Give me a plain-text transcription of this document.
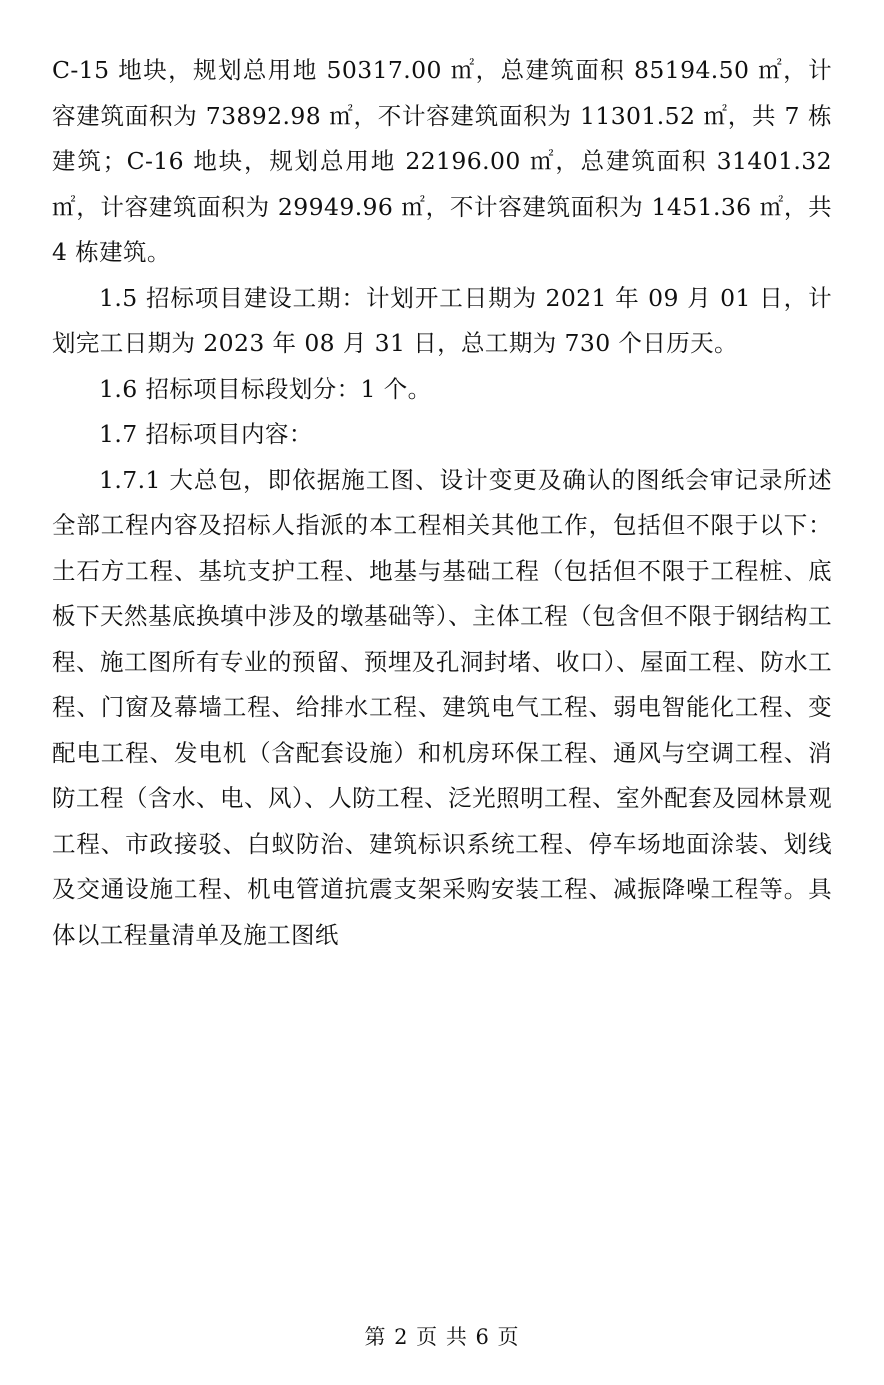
C-15 地块，规划总用地 50317.00 ㎡，总建筑面积 85194.50 ㎡，计容建筑面积为 73892.98 ㎡，不计容建筑面积为 11301.52 ㎡，共 7 栋建筑；C-16 地块，规划总用地 22196.00 ㎡，总建筑面积 31401.32 ㎡，计容建筑面积为 29949.96 ㎡，不计容建筑面积为 1451.36 ㎡，共 4 栋建筑。

1.5 招标项目建设工期：计划开工日期为 2021 年 09 月 01 日，计划完工日期为 2023 年 08 月 31 日，总工期为 730 个日历天。

1.6 招标项目标段划分：1 个。

1.7 招标项目内容：

1.7.1 大总包，即依据施工图、设计变更及确认的图纸会审记录所述全部工程内容及招标人指派的本工程相关其他工作，包括但不限于以下：土石方工程、基坑支护工程、地基与基础工程（包括但不限于工程桩、底板下天然基底换填中涉及的墩基础等）、主体工程（包含但不限于钢结构工程、施工图所有专业的预留、预埋及孔洞封堵、收口）、屋面工程、防水工程、门窗及幕墙工程、给排水工程、建筑电气工程、弱电智能化工程、变配电工程、发电机（含配套设施）和机房环保工程、通风与空调工程、消防工程（含水、电、风）、人防工程、泛光照明工程、室外配套及园林景观工程、市政接驳、白蚁防治、建筑标识系统工程、停车场地面涂装、划线及交通设施工程、机电管道抗震支架采购安装工程、减振降噪工程等。具体以工程量清单及施工图纸

第 2 页 共 6 页
